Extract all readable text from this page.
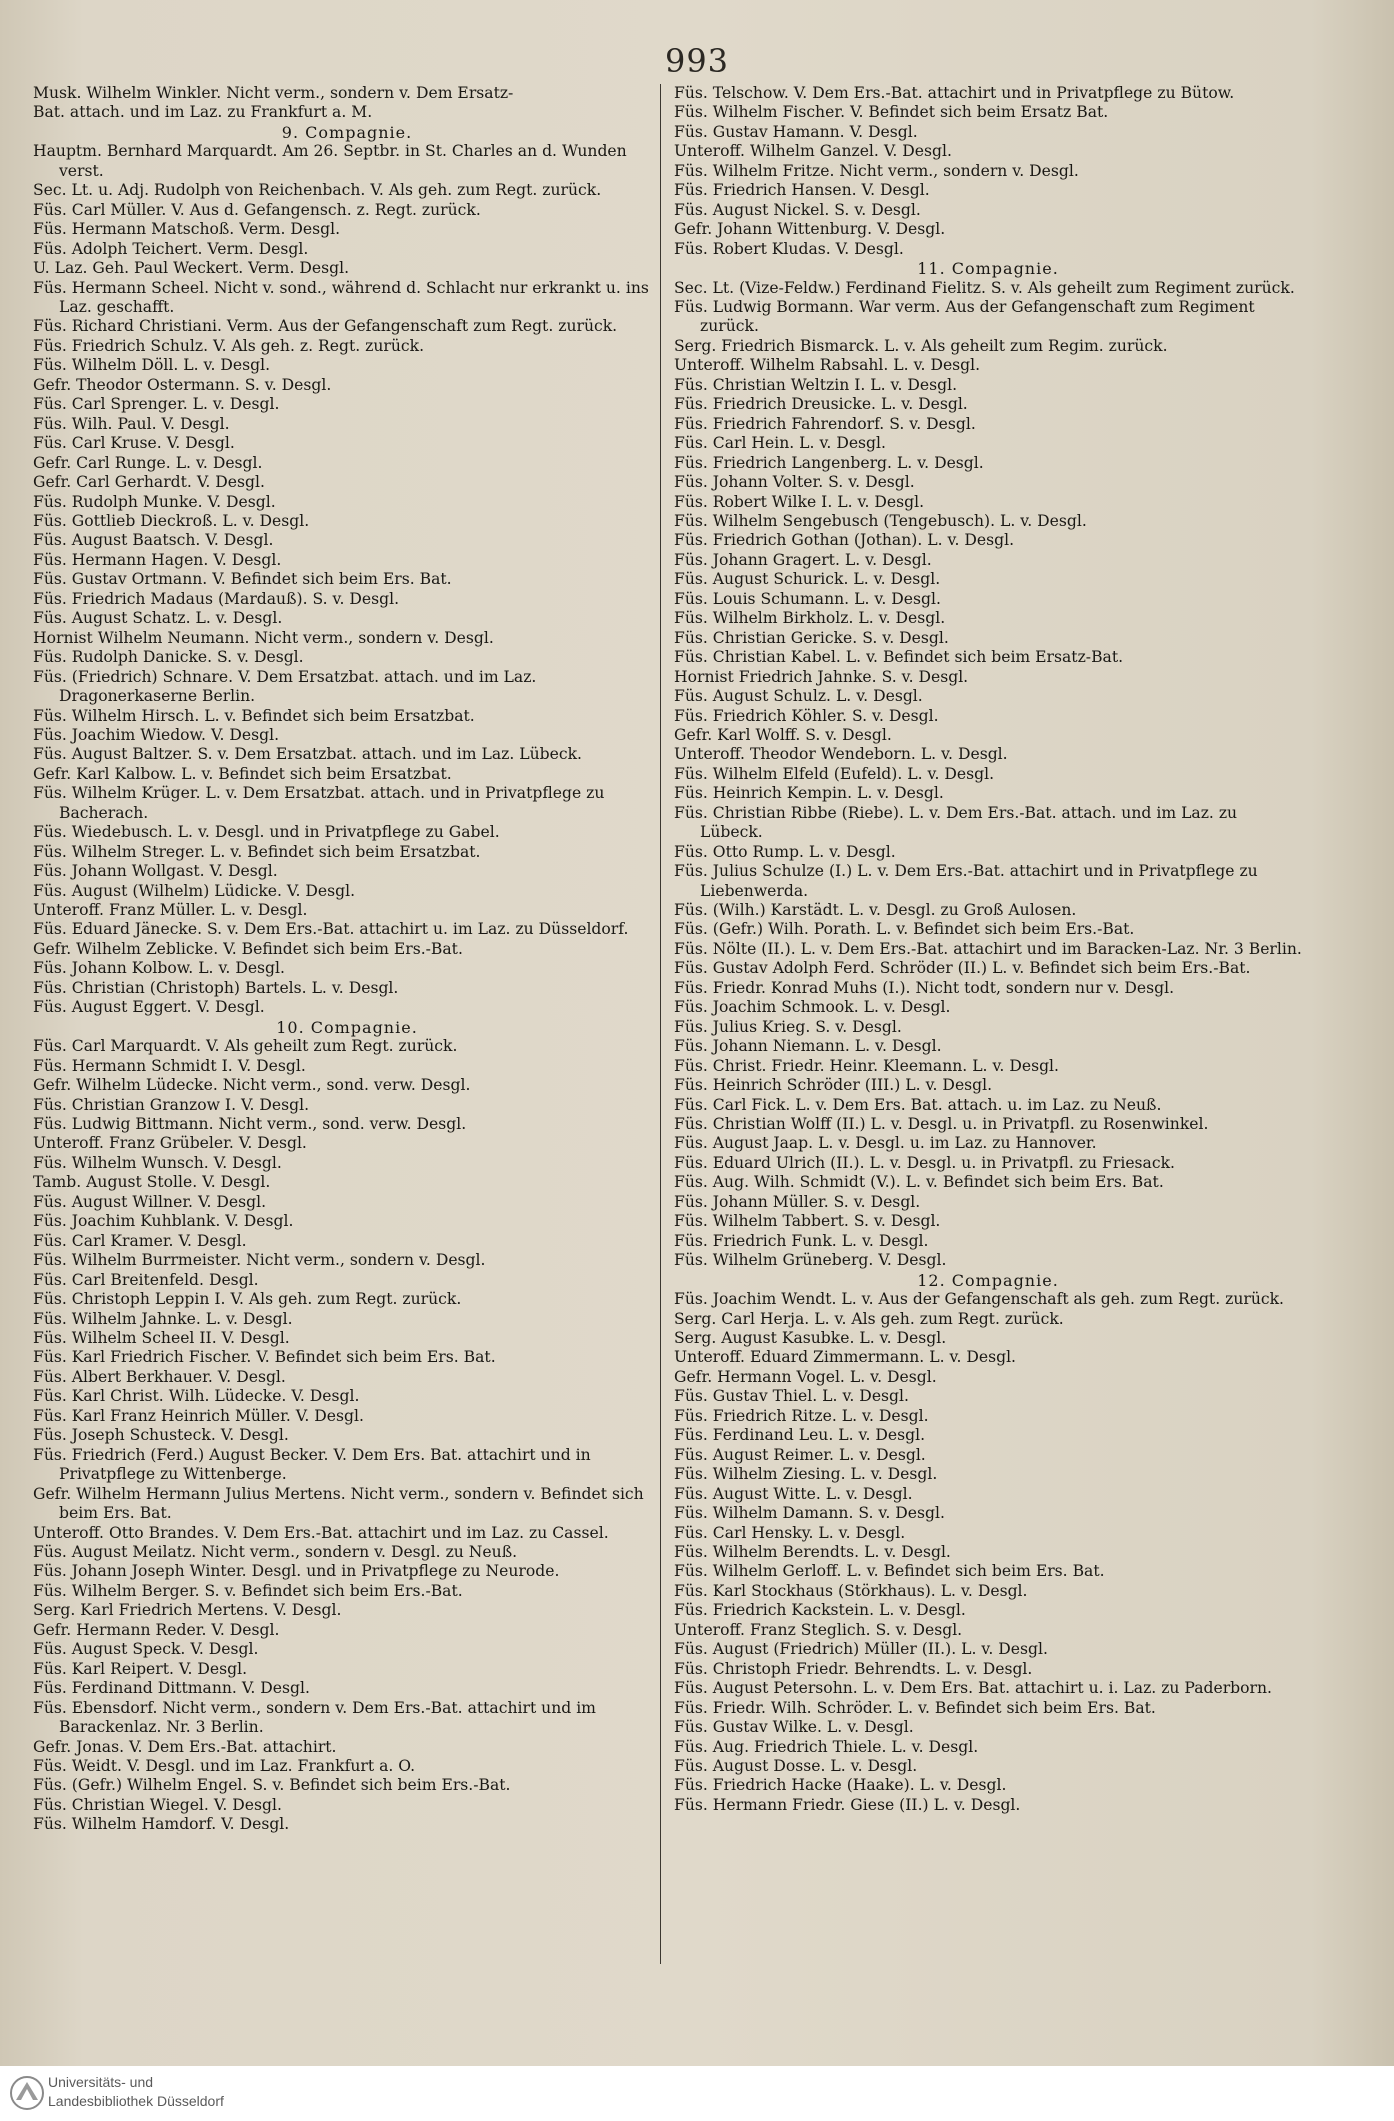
993
Musk. Wilhelm Winkler. Nicht verm., sondern v. Dem Ersatz-
Bat. attach. und im Laz. zu Frankfurt a. M.
9. Compagnie.
Hauptm. Bernhard Marquardt. Am 26. Septbr. in St. Charles an d. Wunden verst.
Sec. Lt. u. Adj. Rudolph von Reichenbach. V. Als geh. zum Regt. zurück.
Füs. Carl Müller. V. Aus d. Gefangensch. z. Regt. zurück.
Füs. Hermann Matschoß. Verm. Desgl.
Füs. Adolph Teichert. Verm. Desgl.
U. Laz. Geh. Paul Weckert. Verm. Desgl.
Füs. Hermann Scheel. Nicht v. sond., während d. Schlacht nur erkrankt u. ins Laz. geschafft.
Füs. Richard Christiani. Verm. Aus der Gefangenschaft zum Regt. zurück.
Füs. Friedrich Schulz. V. Als geh. z. Regt. zurück.
Füs. Wilhelm Döll. L. v. Desgl.
Gefr. Theodor Ostermann. S. v. Desgl.
Füs. Carl Sprenger. L. v. Desgl.
Füs. Wilh. Paul. V. Desgl.
Füs. Carl Kruse. V. Desgl.
Gefr. Carl Runge. L. v. Desgl.
Gefr. Carl Gerhardt. V. Desgl.
Füs. Rudolph Munke. V. Desgl.
Füs. Gottlieb Dieckroß. L. v. Desgl.
Füs. August Baatsch. V. Desgl.
Füs. Hermann Hagen. V. Desgl.
Füs. Gustav Ortmann. V. Befindet sich beim Ers. Bat.
Füs. Friedrich Madaus (Mardauß). S. v. Desgl.
Füs. August Schatz. L. v. Desgl.
Hornist Wilhelm Neumann. Nicht verm., sondern v. Desgl.
Füs. Rudolph Danicke. S. v. Desgl.
Füs. (Friedrich) Schnare. V. Dem Ersatzbat. attach. und im Laz. Dragonerkaserne Berlin.
Füs. Wilhelm Hirsch. L. v. Befindet sich beim Ersatzbat.
Füs. Joachim Wiedow. V. Desgl.
Füs. August Baltzer. S. v. Dem Ersatzbat. attach. und im Laz. Lübeck.
Gefr. Karl Kalbow. L. v. Befindet sich beim Ersatzbat.
Füs. Wilhelm Krüger. L. v. Dem Ersatzbat. attach. und in Privatpflege zu Bacherach.
Füs. Wiedebusch. L. v. Desgl. und in Privatpflege zu Gabel.
Füs. Wilhelm Streger. L. v. Befindet sich beim Ersatzbat.
Füs. Johann Wollgast. V. Desgl.
Füs. August (Wilhelm) Lüdicke. V. Desgl.
Unteroff. Franz Müller. L. v. Desgl.
Füs. Eduard Jänecke. S. v. Dem Ers.-Bat. attachirt u. im Laz. zu Düsseldorf.
Gefr. Wilhelm Zeblicke. V. Befindet sich beim Ers.-Bat.
Füs. Johann Kolbow. L. v. Desgl.
Füs. Christian (Christoph) Bartels. L. v. Desgl.
Füs. August Eggert. V. Desgl.
10. Compagnie.
Füs. Carl Marquardt. V. Als geheilt zum Regt. zurück.
Füs. Hermann Schmidt I. V. Desgl.
Gefr. Wilhelm Lüdecke. Nicht verm., sond. verw. Desgl.
Füs. Christian Granzow I. V. Desgl.
Füs. Ludwig Bittmann. Nicht verm., sond. verw. Desgl.
Unteroff. Franz Grübeler. V. Desgl.
Füs. Wilhelm Wunsch. V. Desgl.
Tamb. August Stolle. V. Desgl.
Füs. August Willner. V. Desgl.
Füs. Joachim Kuhblank. V. Desgl.
Füs. Carl Kramer. V. Desgl.
Füs. Wilhelm Burrmeister. Nicht verm., sondern v. Desgl.
Füs. Carl Breitenfeld. Desgl.
Füs. Christoph Leppin I. V. Als geh. zum Regt. zurück.
Füs. Wilhelm Jahnke. L. v. Desgl.
Füs. Wilhelm Scheel II. V. Desgl.
Füs. Karl Friedrich Fischer. V. Befindet sich beim Ers. Bat.
Füs. Albert Berkhauer. V. Desgl.
Füs. Karl Christ. Wilh. Lüdecke. V. Desgl.
Füs. Karl Franz Heinrich Müller. V. Desgl.
Füs. Joseph Schusteck. V. Desgl.
Füs. Friedrich (Ferd.) August Becker. V. Dem Ers. Bat. attachirt und in Privatpflege zu Wittenberge.
Gefr. Wilhelm Hermann Julius Mertens. Nicht verm., sondern v. Befindet sich beim Ers. Bat.
Unteroff. Otto Brandes. V. Dem Ers.-Bat. attachirt und im Laz. zu Cassel.
Füs. August Meilatz. Nicht verm., sondern v. Desgl. zu Neuß.
Füs. Johann Joseph Winter. Desgl. und in Privatpflege zu Neurode.
Füs. Wilhelm Berger. S. v. Befindet sich beim Ers.-Bat.
Serg. Karl Friedrich Mertens. V. Desgl.
Gefr. Hermann Reder. V. Desgl.
Füs. August Speck. V. Desgl.
Füs. Karl Reipert. V. Desgl.
Füs. Ferdinand Dittmann. V. Desgl.
Füs. Ebensdorf. Nicht verm., sondern v. Dem Ers.-Bat. attachirt und im Barackenlaz. Nr. 3 Berlin.
Gefr. Jonas. V. Dem Ers.-Bat. attachirt.
Füs. Weidt. V. Desgl. und im Laz. Frankfurt a. O.
Füs. (Gefr.) Wilhelm Engel. S. v. Befindet sich beim Ers.-Bat.
Füs. Christian Wiegel. V. Desgl.
Füs. Wilhelm Hamdorf. V. Desgl.
Füs. Telschow. V. Dem Ers.-Bat. attachirt und in Privatpflege zu Bütow.
Füs. Wilhelm Fischer. V. Befindet sich beim Ersatz Bat.
Füs. Gustav Hamann. V. Desgl.
Unteroff. Wilhelm Ganzel. V. Desgl.
Füs. Wilhelm Fritze. Nicht verm., sondern v. Desgl.
Füs. Friedrich Hansen. V. Desgl.
Füs. August Nickel. S. v. Desgl.
Gefr. Johann Wittenburg. V. Desgl.
Füs. Robert Kludas. V. Desgl.
11. Compagnie.
Sec. Lt. (Vize-Feldw.) Ferdinand Fielitz. S. v. Als geheilt zum Regiment zurück.
Füs. Ludwig Bormann. War verm. Aus der Gefangenschaft zum Regiment zurück.
Serg. Friedrich Bismarck. L. v. Als geheilt zum Regim. zurück.
Unteroff. Wilhelm Rabsahl. L. v. Desgl.
Füs. Christian Weltzin I. L. v. Desgl.
Füs. Friedrich Dreusicke. L. v. Desgl.
Füs. Friedrich Fahrendorf. S. v. Desgl.
Füs. Carl Hein. L. v. Desgl.
Füs. Friedrich Langenberg. L. v. Desgl.
Füs. Johann Volter. S. v. Desgl.
Füs. Robert Wilke I. L. v. Desgl.
Füs. Wilhelm Sengebusch (Tengebusch). L. v. Desgl.
Füs. Friedrich Gothan (Jothan). L. v. Desgl.
Füs. Johann Gragert. L. v. Desgl.
Füs. August Schurick. L. v. Desgl.
Füs. Louis Schumann. L. v. Desgl.
Füs. Wilhelm Birkholz. L. v. Desgl.
Füs. Christian Gericke. S. v. Desgl.
Füs. Christian Kabel. L. v. Befindet sich beim Ersatz-Bat.
Hornist Friedrich Jahnke. S. v. Desgl.
Füs. August Schulz. L. v. Desgl.
Füs. Friedrich Köhler. S. v. Desgl.
Gefr. Karl Wolff. S. v. Desgl.
Unteroff. Theodor Wendeborn. L. v. Desgl.
Füs. Wilhelm Elfeld (Eufeld). L. v. Desgl.
Füs. Heinrich Kempin. L. v. Desgl.
Füs. Christian Ribbe (Riebe). L. v. Dem Ers.-Bat. attach. und im Laz. zu Lübeck.
Füs. Otto Rump. L. v. Desgl.
Füs. Julius Schulze (I.) L. v. Dem Ers.-Bat. attachirt und in Privatpflege zu Liebenwerda.
Füs. (Wilh.) Karstädt. L. v. Desgl. zu Groß Aulosen.
Füs. (Gefr.) Wilh. Porath. L. v. Befindet sich beim Ers.-Bat.
Füs. Nölte (II.). L. v. Dem Ers.-Bat. attachirt und im Baracken-Laz. Nr. 3 Berlin.
Füs. Gustav Adolph Ferd. Schröder (II.) L. v. Befindet sich beim Ers.-Bat.
Füs. Friedr. Konrad Muhs (I.). Nicht todt, sondern nur v. Desgl.
Füs. Joachim Schmook. L. v. Desgl.
Füs. Julius Krieg. S. v. Desgl.
Füs. Johann Niemann. L. v. Desgl.
Füs. Christ. Friedr. Heinr. Kleemann. L. v. Desgl.
Füs. Heinrich Schröder (III.) L. v. Desgl.
Füs. Carl Fick. L. v. Dem Ers. Bat. attach. u. im Laz. zu Neuß.
Füs. Christian Wolff (II.) L. v. Desgl. u. in Privatpfl. zu Rosenwinkel.
Füs. August Jaap. L. v. Desgl. u. im Laz. zu Hannover.
Füs. Eduard Ulrich (II.). L. v. Desgl. u. in Privatpfl. zu Friesack.
Füs. Aug. Wilh. Schmidt (V.). L. v. Befindet sich beim Ers. Bat.
Füs. Johann Müller. S. v. Desgl.
Füs. Wilhelm Tabbert. S. v. Desgl.
Füs. Friedrich Funk. L. v. Desgl.
Füs. Wilhelm Grüneberg. V. Desgl.
12. Compagnie.
Füs. Joachim Wendt. L. v. Aus der Gefangenschaft als geh. zum Regt. zurück.
Serg. Carl Herja. L. v. Als geh. zum Regt. zurück.
Serg. August Kasubke. L. v. Desgl.
Unteroff. Eduard Zimmermann. L. v. Desgl.
Gefr. Hermann Vogel. L. v. Desgl.
Füs. Gustav Thiel. L. v. Desgl.
Füs. Friedrich Ritze. L. v. Desgl.
Füs. Ferdinand Leu. L. v. Desgl.
Füs. August Reimer. L. v. Desgl.
Füs. Wilhelm Ziesing. L. v. Desgl.
Füs. August Witte. L. v. Desgl.
Füs. Wilhelm Damann. S. v. Desgl.
Füs. Carl Hensky. L. v. Desgl.
Füs. Wilhelm Berendts. L. v. Desgl.
Füs. Wilhelm Gerloff. L. v. Befindet sich beim Ers. Bat.
Füs. Karl Stockhaus (Störkhaus). L. v. Desgl.
Füs. Friedrich Kackstein. L. v. Desgl.
Unteroff. Franz Steglich. S. v. Desgl.
Füs. August (Friedrich) Müller (II.). L. v. Desgl.
Füs. Christoph Friedr. Behrendts. L. v. Desgl.
Füs. August Petersohn. L. v. Dem Ers. Bat. attachirt u. i. Laz. zu Paderborn.
Füs. Friedr. Wilh. Schröder. L. v. Befindet sich beim Ers. Bat.
Füs. Gustav Wilke. L. v. Desgl.
Füs. Aug. Friedrich Thiele. L. v. Desgl.
Füs. August Dosse. L. v. Desgl.
Füs. Friedrich Hacke (Haake). L. v. Desgl.
Füs. Hermann Friedr. Giese (II.) L. v. Desgl.
Universitäts- und
Landesbibliothek Düsseldorf
